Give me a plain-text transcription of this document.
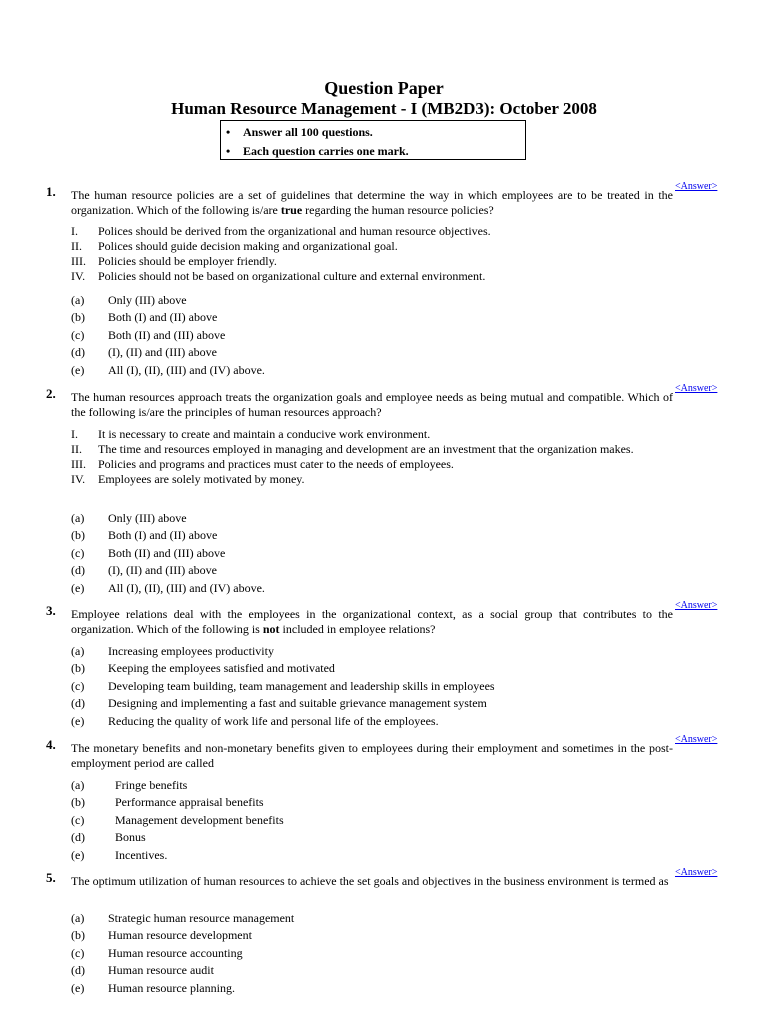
Question Paper
Human Resource Management - I (MB2D3): October 2008
• Answer all 100 questions.
• Each question carries one mark.
1. The human resource policies are a set of guidelines that determine the way in which employees are to be treated in the organization. Which of the following is/are true regarding the human resource policies?
<Answer>
I. Polices should be derived from the organizational and human resource objectives.
II. Polices should guide decision making and organizational goal.
III. Policies should be employer friendly.
IV. Policies should not be based on organizational culture and external environment.
(a) Only (III) above
(b) Both (I) and (II) above
(c) Both (II) and (III) above
(d) (I), (II) and (III) above
(e) All (I), (II), (III) and (IV) above.
2. The human resources approach treats the organization goals and employee needs as being mutual and compatible. Which of the following is/are the principles of human resources approach?
<Answer>
I. It is necessary to create and maintain a conducive work environment.
II. The time and resources employed in managing and development are an investment that the organization makes.
III. Policies and programs and practices must cater to the needs of employees.
IV. Employees are solely motivated by money.
(a) Only (III) above
(b) Both (I) and (II) above
(c) Both (II) and (III) above
(d) (I), (II) and (III) above
(e) All (I), (II), (III) and (IV) above.
3. Employee relations deal with the employees in the organizational context, as a social group that contributes to the organization. Which of the following is not included in employee relations?
<Answer>
(a) Increasing employees productivity
(b) Keeping the employees satisfied and motivated
(c) Developing team building, team management and leadership skills in employees
(d) Designing and implementing a fast and suitable grievance management system
(e) Reducing the quality of work life and personal life of the employees.
4. The monetary benefits and non-monetary benefits given to employees during their employment and sometimes in the post-employment period are called
<Answer>
(a)	Fringe benefits
(b)	Performance appraisal benefits
(c)	Management development benefits
(d)	Bonus
(e)	Incentives.
5. The optimum utilization of human resources to achieve the set goals and objectives in the business environment is termed as
<Answer>
(a) Strategic human resource management
(b) Human resource development
(c) Human resource accounting
(d) Human resource audit
(e) Human resource planning.
